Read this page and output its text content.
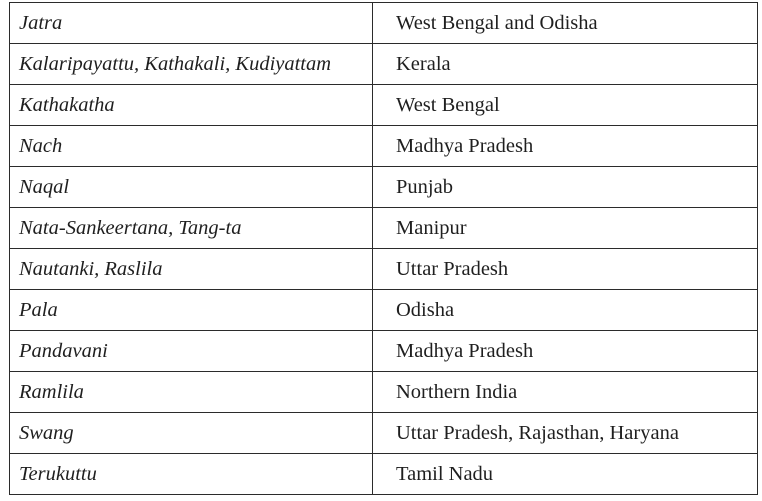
Jatra	West Bengal and Odisha
Kalaripayattu, Kathakali, Kudiyattam	Kerala
Kathakatha	West Bengal
Nach	Madhya Pradesh
Naqal	Punjab
Nata-Sankeertana, Tang-ta	Manipur
Nautanki, Raslila	Uttar Pradesh
Pala	Odisha
Pandavani	Madhya Pradesh
Ramlila	Northern India
Swang	Uttar Pradesh, Rajasthan, Haryana
Terukuttu	Tamil Nadu
